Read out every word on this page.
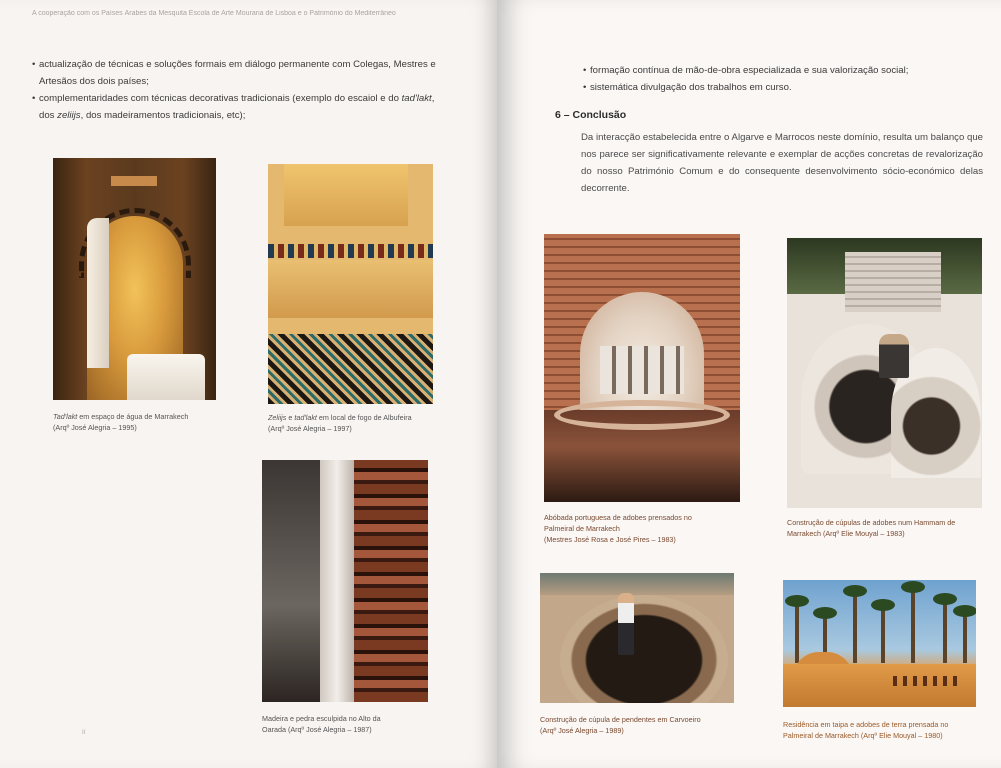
A cooperação com os Países Árabes da Mesquita Escola de Arte Mouraria de Lisboa e o Património do Mediterrâneo
• actualização de técnicas e soluções formais em diálogo permanente com Colegas, Mestres e Artesãos dos dois países;
• complementaridades com técnicas decorativas tradicionais (exemplo do escaiol e do tad'lakt, dos zeliijs, dos madeiramentos tradicionais, etc);

Tad'lakt em espaço de água de Marrakech
(Arqº José Alegria – 1995)

Zeliijs e tad'lakt em local de fogo de Albufeira
(Arqº José Alegria – 1997)

Madeira e pedra esculpida no Alto da
Oarada (Arqº José Alegria – 1987)

II
• formação contínua de mão-de-obra especializada e sua valorização social;
• sistemática divulgação dos trabalhos em curso.
6 – Conclusão

Da interacção estabelecida entre o Algarve e Marrocos neste domínio, resulta um balanço que nos parece ser significativamente relevante e exemplar de acções concretas de revalorização do nosso Património Comum e do consequente desenvolvimento sócio-económico delas decorrente.

Abóbada portuguesa de adobes prensados no
Palmeiral de Marrakech
(Mestres José Rosa e José Pires – 1983)

Construção de cúpulas de adobes num Hammam de
Marrakech (Arqº Elie Mouyal – 1983)

Construção de cúpula de pendentes em Carvoeiro
(Arqº José Alegria – 1989)

Residência em taipa e adobes de terra prensada no
Palmeiral de Marrakech (Arqº Elie Mouyal – 1980)
